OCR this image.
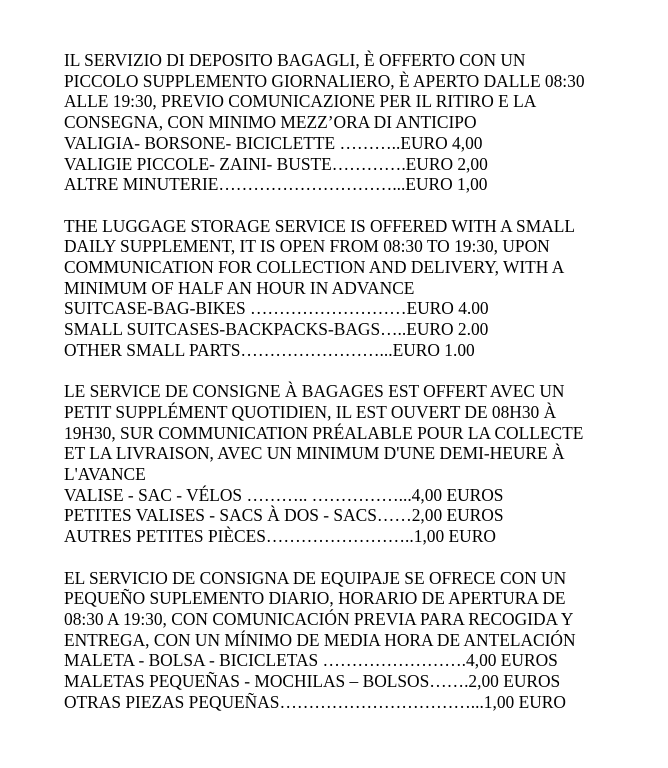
IL SERVIZIO DI DEPOSITO BAGAGLI, È OFFERTO CON UN
PICCOLO SUPPLEMENTO GIORNALIERO, È APERTO DALLE 08:30
ALLE 19:30, PREVIO COMUNICAZIONE PER IL RITIRO E LA
CONSEGNA, CON MINIMO MEZZ’ORA DI ANTICIPO
VALIGIA- BORSONE- BICICLETTE ………..EURO 4,00
VALIGIE PICCOLE- ZAINI- BUSTE………….EURO 2,00
ALTRE MINUTERIE…………………………...EURO 1,00
THE LUGGAGE STORAGE SERVICE IS OFFERED WITH A SMALL
DAILY SUPPLEMENT, IT IS OPEN FROM 08:30 TO 19:30, UPON
COMMUNICATION FOR COLLECTION AND DELIVERY, WITH A
MINIMUM OF HALF AN HOUR IN ADVANCE
SUITCASE-BAG-BIKES ………………………EURO 4.00
SMALL SUITCASES-BACKPACKS-BAGS…..EURO 2.00
OTHER SMALL PARTS……………………...EURO 1.00
LE SERVICE DE CONSIGNE À BAGAGES EST OFFERT AVEC UN
PETIT SUPPLÉMENT QUOTIDIEN, IL EST OUVERT DE 08H30 À
19H30, SUR COMMUNICATION PRÉALABLE POUR LA COLLECTE
ET LA LIVRAISON, AVEC UN MINIMUM D'UNE DEMI-HEURE À
L'AVANCE
VALISE - SAC - VÉLOS ……….. ……………...4,00 EUROS
PETITES VALISES - SACS À DOS - SACS……2,00 EUROS
AUTRES PETITES PIÈCES……………………..1,00 EURO
EL SERVICIO DE CONSIGNA DE EQUIPAJE SE OFRECE CON UN
PEQUEÑO SUPLEMENTO DIARIO, HORARIO DE APERTURA DE
08:30 A 19:30, CON COMUNICACIÓN PREVIA PARA RECOGIDA Y
ENTREGA, CON UN MÍNIMO DE MEDIA HORA DE ANTELACIÓN
MALETA - BOLSA - BICICLETAS …………………….4,00 EUROS
MALETAS PEQUEÑAS - MOCHILAS – BOLSOS…….2,00 EUROS
OTRAS PIEZAS PEQUEÑAS……………………………...1,00 EURO
